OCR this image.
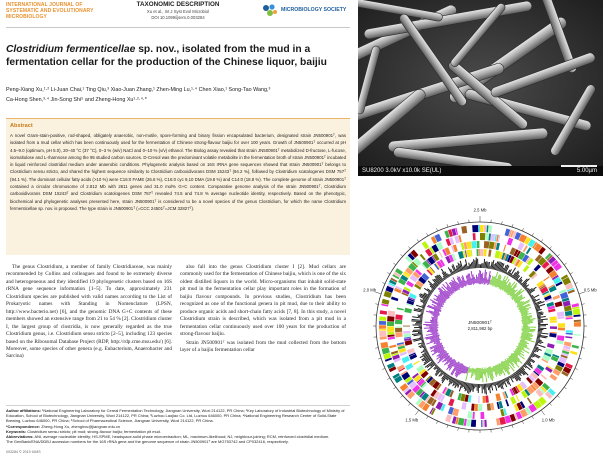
INTERNATIONAL JOURNAL OF SYSTEMATIC AND EVOLUTIONARY MICROBIOLOGY
TAXONOMIC DESCRIPTION
Xu et al., Int J Syst Evol Microbiol
DOI 10.1099/ijsem.0.003284
MICROBIOLOGY SOCIETY
Clostridium fermenticellae sp. nov., isolated from the mud in a fermentation cellar for the production of the Chinese liquor, baijiu
Peng-Xiang Xu,¹·² Li-Juan Chai,¹ Ting Qiu,³ Xiao-Juan Zhang,¹ Zhen-Ming Lu,¹·⁴ Chen Xiao,¹ Song-Tao Wang,³
Ca-Hong Shen,³·⁴ Jin-Song Shi⁵ and Zheng-Hong Xu¹·²·⁴·*
Abstract
A novel Gram-stain-positive, rod-shaped, obligately anaerobic, non-motile, spore-forming and binary fission encapsulated bacterium, designated strain JN500901ᵀ, was isolated from a mud cellar which has been continuously used for the fermentation of Chinese strong-flavour baijiu for over 100 years. Growth of JN500901ᵀ occurred at pH 4.5–9.0 (optimum, pH 5.0), 20–40 °C (37 °C), 0–3 % (w/v) NaCl and 0–10 % (v/v) ethanol. The Biolog assay revealed that strain JN500901ᵀ metabolized D-fructose, L-fucose, isomaltulose and L-rhamnose among the 95 studied carbon sources. D-Cresol was the predominant volatile metabolite in the fermentation broth of strain JN500901ᵀ incubated in liquid reinforced clostridial medium under anaerobic conditions. Phylogenetic analysis based on 16S rRNA gene sequences showed that strain JN500901ᵀ belongs to Clostridium sensu stricto, and shared the highest sequence similarity to Clostridium carboxidivorans DSM 15243ᵀ (94.2 %), followed by Clostridium scatologenes DSM 757ᵀ (94.1 %). The dominant cellular fatty acids (>10 %) were C16:0 FAME (26.6 %), C16:0 cyc 9,10 DMA (19.8 %) and C14:0 (18.8 %). The complete genome of strain JN500901ᵀ contained a circular chromosome of 2.812 Mb with 2611 genes and 31.0 mol% G+C content. Comparative genome analysis of the strain JN500901ᵀ, Clostridium carboxidivorans DSM 15243ᵀ and Clostridium scatologenes DSM 757ᵀ revealed 74.5 and 74.8 % average nucleotide identity, respectively. Based on the phenotypic, biochemical and phylogenetic analyses presented here, strain JN500901ᵀ is considered to be a novel species of the genus Clostridium, for which the name Clostridium fermenticellae sp. nov. is proposed. The type strain is JN500901ᵀ (=CCC 24501ᵀ=JCM 32827ᵀ).

The genus Clostridium, a member of family Clostridiaceae, was mainly recommended by Collins and colleagues and found to be extremely diverse and heterogeneous and they identified 19 phylogenetic clusters based on 16S rRNA gene sequence information [1–5]. To date, approximately 231 Clostridium species are published with valid names according to the List of Prokaryotic names with Standing in Nomenclature (LPSN, http://www.bacterio.net) [6], and the genomic DNA G+C contents of these members showed an extensive range from 21 to 54 % [2]. Clostridium cluster I, the largest group of clostridia, is now generally regarded as the true Clostridium genus, i.e. Clostridium sensu stricto [2–5], including 123 species based on the Ribosomal Database Project (RDP, http://rdp.cme.msu.edu/) [6]. Moreover, some species of other genera (e.g. Eubacterium, Anaerobacter and Sarcina)

also fall into the genus Clostridium cluster I [2]. Mud cellars are commonly used for the fermentation of Chinese baijiu, which is one of the six oldest distilled liquors in the world. Micro-organisms that inhabit solid-state pit mud in the fermentation cellar play important roles in the formation of baijiu flavour compounds. In previous studies, Clostridium has been recognized as one of the functional genera in pit mud, due to their ability to produce organic acids and short-chain fatty acids [7, 8]. In this study, a novel Clostridium strain is described, which was isolated from a pit mud in a fermentation cellar continuously used over 100 years for the production of strong-flavour baijiu.

Strain JN500901ᵀ was isolated from the mud collected from the bottom layer of a baijiu fermentation cellar

Author affiliations: ¹National Engineering Laboratory for Cereal Fermentation Technology, Jiangnan University, Wuxi 214122, PR China; ²Key Laboratory of Industrial Biotechnology of Ministry of Education, School of Biotechnology, Jiangnan University, Wuxi 214122, PR China; ³Luzhou Laojiao Co. Ltd, Luzhou 646000, PR China; ⁴National Engineering Research Center of Solid-State Brewing, Luzhou 646000, PR China; ⁵School of Pharmaceutical Science, Jiangnan University, Wuxi 214122, PR China.
*Correspondence: Zheng-Hong Xu, zhenghxu@jiangnan.edu.cn
Keywords: Clostridium sensu stricto; pit mud; strong-flavour baijiu; fermentation pit mud.
Abbreviations: ANI, average nucleotide identity; HS-SPME, headspace-solid phase microextraction; ML, maximum-likelihood; NJ, neighbour-joining; RCM, reinforced clostridial medium.
The GenBank/ENA/DDBJ accession numbers for the 16S rRNA gene and the genome sequence of strain JN500901ᵀ are MG753742 and CP032416, respectively.
003284 © 2019 IUMS
SU8200 3.0kV x10.0k SE(UL)	5.00µm
2.5 Mb
0.5 Mb
1.0 Mb
1.5 Mb
2.0 Mb
JN500901ᵀ
2,811,982 bp
